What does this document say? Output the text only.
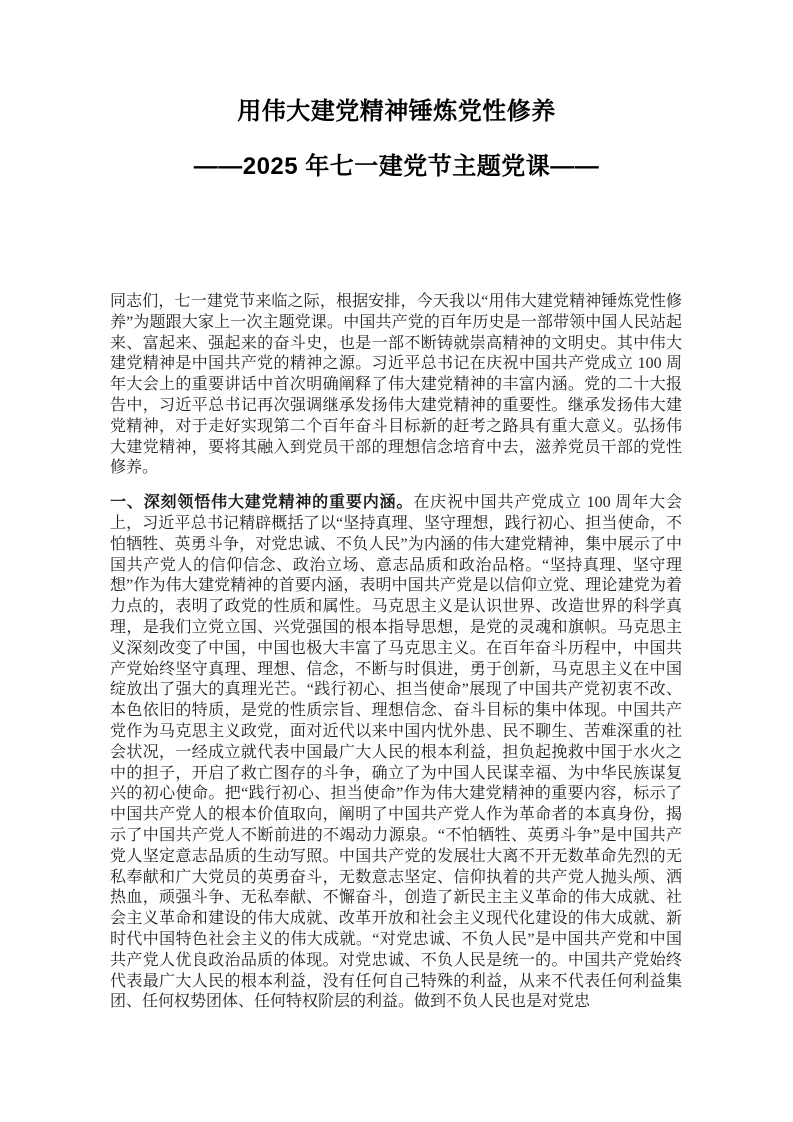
用伟大建党精神锤炼党性修养
——2025 年七一建党节主题党课——

同志们，七一建党节来临之际，根据安排，今天我以“用伟大建党精神锤炼党性修养”为题跟大家上一次主题党课。中国共产党的百年历史是一部带领中国人民站起来、富起来、强起来的奋斗史，也是一部不断铸就崇高精神的文明史。其中伟大建党精神是中国共产党的精神之源。习近平总书记在庆祝中国共产党成立 100 周年大会上的重要讲话中首次明确阐释了伟大建党精神的丰富内涵。党的二十大报告中，习近平总书记再次强调继承发扬伟大建党精神的重要性。继承发扬伟大建党精神，对于走好实现第二个百年奋斗目标新的赶考之路具有重大意义。弘扬伟大建党精神，要将其融入到党员干部的理想信念培育中去，滋养党员干部的党性修养。

一、深刻领悟伟大建党精神的重要内涵。在庆祝中国共产党成立 100 周年大会上，习近平总书记精辟概括了以“坚持真理、坚守理想，践行初心、担当使命，不怕牺牲、英勇斗争，对党忠诚、不负人民”为内涵的伟大建党精神，集中展示了中国共产党人的信仰信念、政治立场、意志品质和政治品格。“坚持真理、坚守理想”作为伟大建党精神的首要内涵，表明中国共产党是以信仰立党、理论建党为着力点的，表明了政党的性质和属性。马克思主义是认识世界、改造世界的科学真理，是我们立党立国、兴党强国的根本指导思想，是党的灵魂和旗帜。马克思主义深刻改变了中国，中国也极大丰富了马克思主义。在百年奋斗历程中，中国共产党始终坚守真理、理想、信念，不断与时俱进，勇于创新，马克思主义在中国绽放出了强大的真理光芒。“践行初心、担当使命”展现了中国共产党初衷不改、本色依旧的特质，是党的性质宗旨、理想信念、奋斗目标的集中体现。中国共产党作为马克思主义政党，面对近代以来中国内忧外患、民不聊生、苦难深重的社会状况，一经成立就代表中国最广大人民的根本利益，担负起挽救中国于水火之中的担子，开启了救亡图存的斗争，确立了为中国人民谋幸福、为中华民族谋复兴的初心使命。把“践行初心、担当使命”作为伟大建党精神的重要内容，标示了中国共产党人的根本价值取向，阐明了中国共产党人作为革命者的本真身份，揭示了中国共产党人不断前进的不竭动力源泉。“不怕牺牲、英勇斗争”是中国共产党人坚定意志品质的生动写照。中国共产党的发展壮大离不开无数革命先烈的无私奉献和广大党员的英勇奋斗，无数意志坚定、信仰执着的共产党人抛头颅、洒热血，顽强斗争、无私奉献、不懈奋斗，创造了新民主主义革命的伟大成就、社会主义革命和建设的伟大成就、改革开放和社会主义现代化建设的伟大成就、新时代中国特色社会主义的伟大成就。“对党忠诚、不负人民”是中国共产党和中国共产党人优良政治品质的体现。对党忠诚、不负人民是统一的。中国共产党始终代表最广大人民的根本利益，没有任何自己特殊的利益，从来不代表任何利益集团、任何权势团体、任何特权阶层的利益。做到不负人民也是对党忠
